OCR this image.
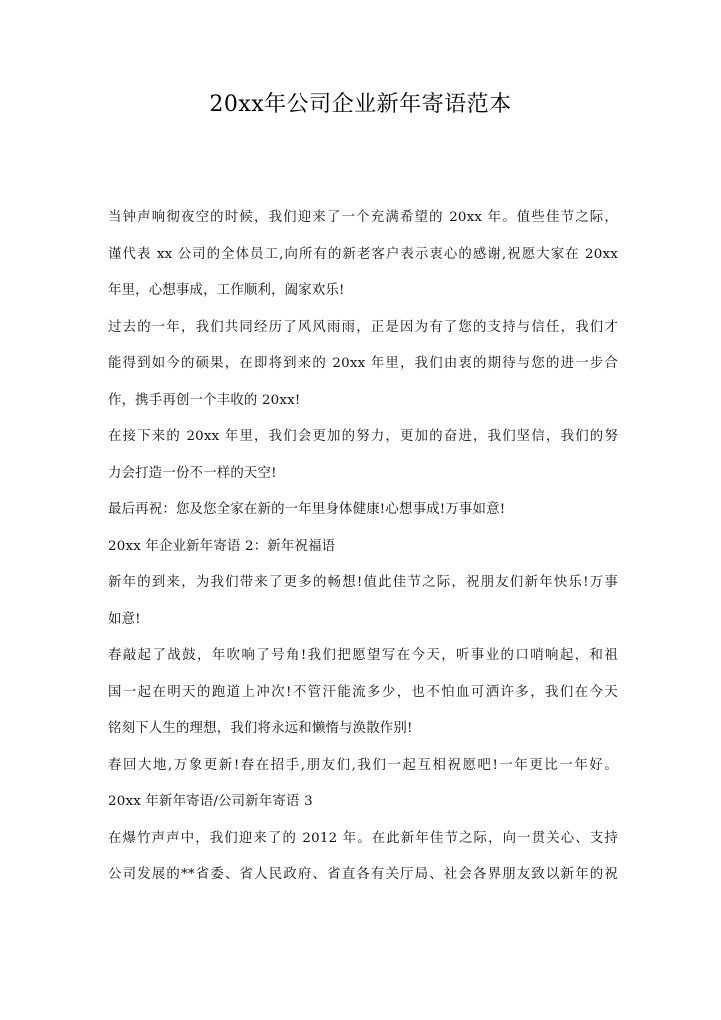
20xx年公司企业新年寄语范本
当钟声响彻夜空的时候，我们迎来了一个充满希望的 20xx 年。值些佳节之际，
谨代表 xx 公司的全体员工,向所有的新老客户表示衷心的感谢,祝愿大家在 20xx
年里，心想事成，工作顺利，阖家欢乐!
过去的一年，我们共同经历了风风雨雨，正是因为有了您的支持与信任，我们才
能得到如今的硕果，在即将到来的 20xx 年里，我们由衷的期待与您的进一步合
作，携手再创一个丰收的 20xx!
在接下来的 20xx 年里，我们会更加的努力，更加的奋进，我们坚信，我们的努
力会打造一份不一样的天空!
最后再祝：您及您全家在新的一年里身体健康!心想事成!万事如意!
20xx 年企业新年寄语 2：新年祝福语
新年的到来，为我们带来了更多的畅想!值此佳节之际，祝朋友们新年快乐!万事
如意!
春敲起了战鼓，年吹响了号角!我们把愿望写在今天，听事业的口哨响起，和祖
国一起在明天的跑道上冲次!不管汗能流多少，也不怕血可洒许多，我们在今天
铭刻下人生的理想，我们将永远和懒惰与涣散作别!
春回大地,万象更新!春在招手,朋友们,我们一起互相祝愿吧!一年更比一年好。
20xx 年新年寄语/公司新年寄语 3
在爆竹声声中，我们迎来了的 2012 年。在此新年佳节之际，向一贯关心、支持
公司发展的**省委、省人民政府、省直各有关厅局、社会各界朋友致以新年的祝
